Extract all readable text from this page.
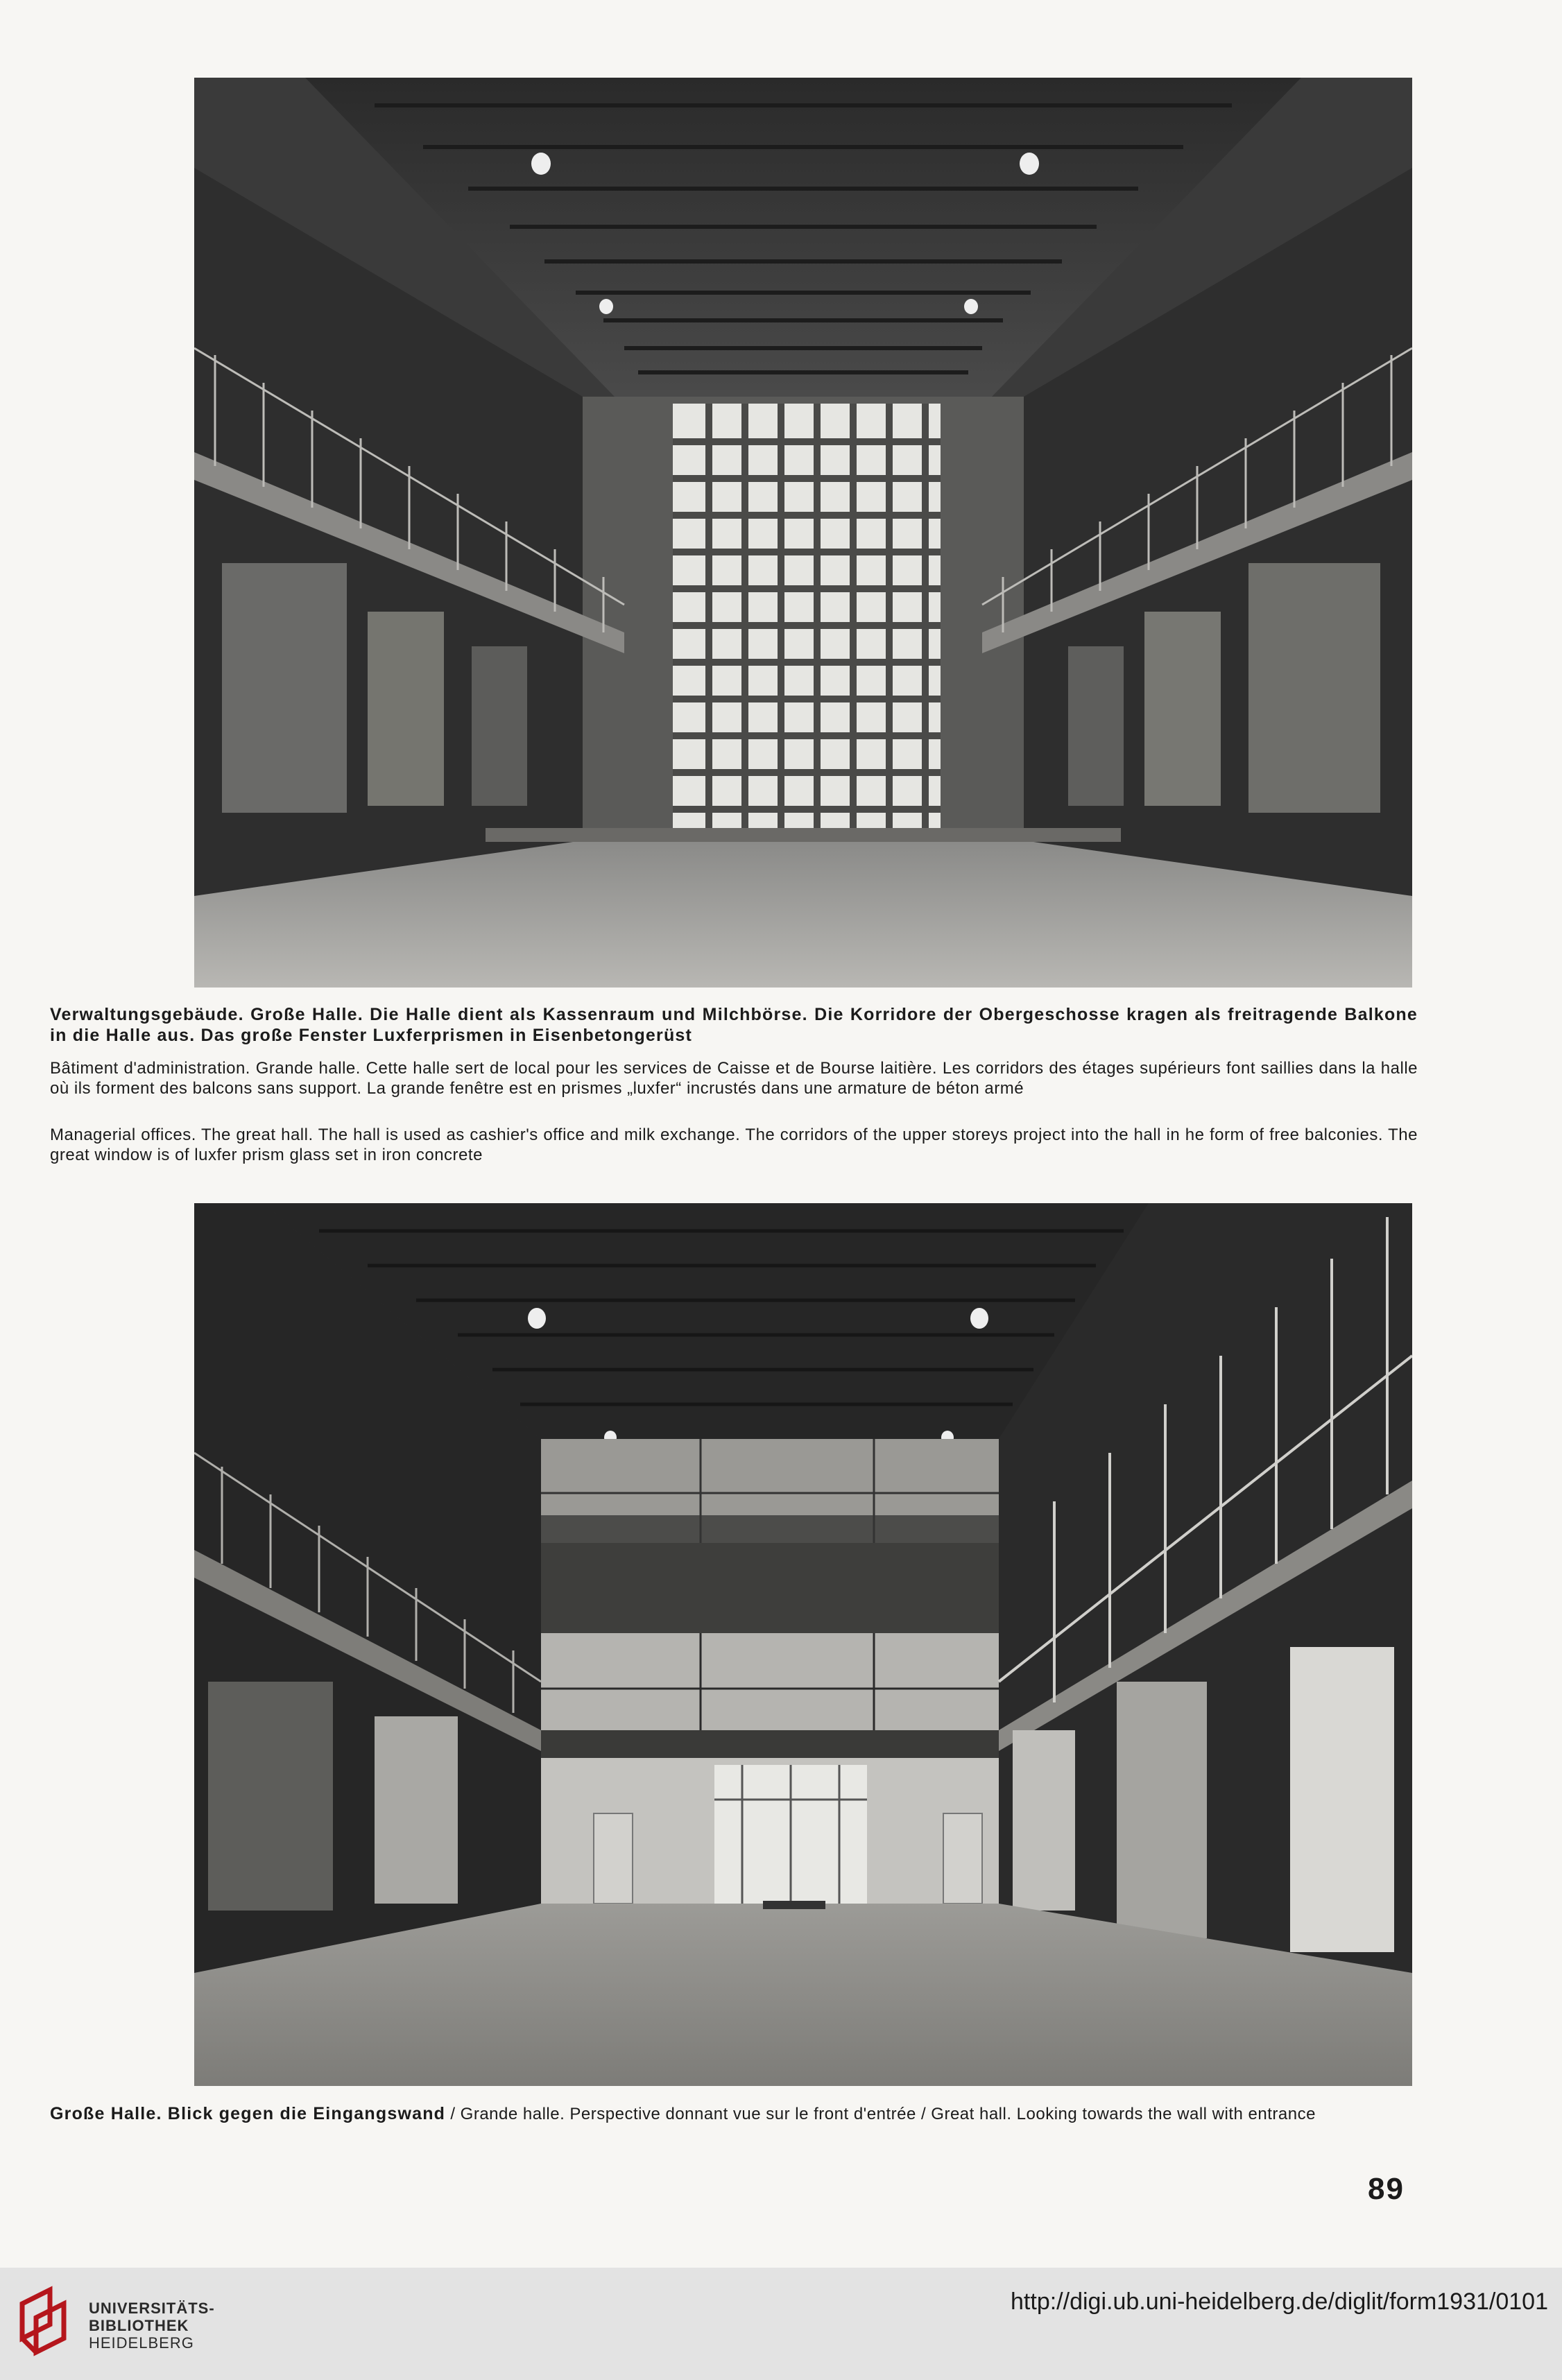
Verwaltungsgebäude. Große Halle. Die Halle dient als Kassenraum und Milchbörse. Die Korridore der Obergeschosse kragen als freitragende Balkone in die Halle aus. Das große Fenster Luxferprismen in Eisenbetongerüst
Bâtiment d'administration. Grande halle. Cette halle sert de local pour les services de Caisse et de Bourse laitière. Les corridors des étages supérieurs font saillies dans la halle où ils forment des balcons sans support. La grande fenêtre est en prismes „luxfer“ incrustés dans une armature de béton armé
Managerial offices. The great hall. The hall is used as cashier's office and milk exchange. The corridors of the upper storeys project into the hall in he form of free balconies. The great window is of luxfer prism glass set in iron concrete
Große Halle. Blick gegen die Eingangswand / Grande halle. Perspective donnant vue sur le front d'entrée / Great hall. Looking towards the wall with entrance
89
UNIVERSITÄTS-
BIBLIOTHEK
HEIDELBERG
http://digi.ub.uni-heidelberg.de/diglit/form1931/0101
